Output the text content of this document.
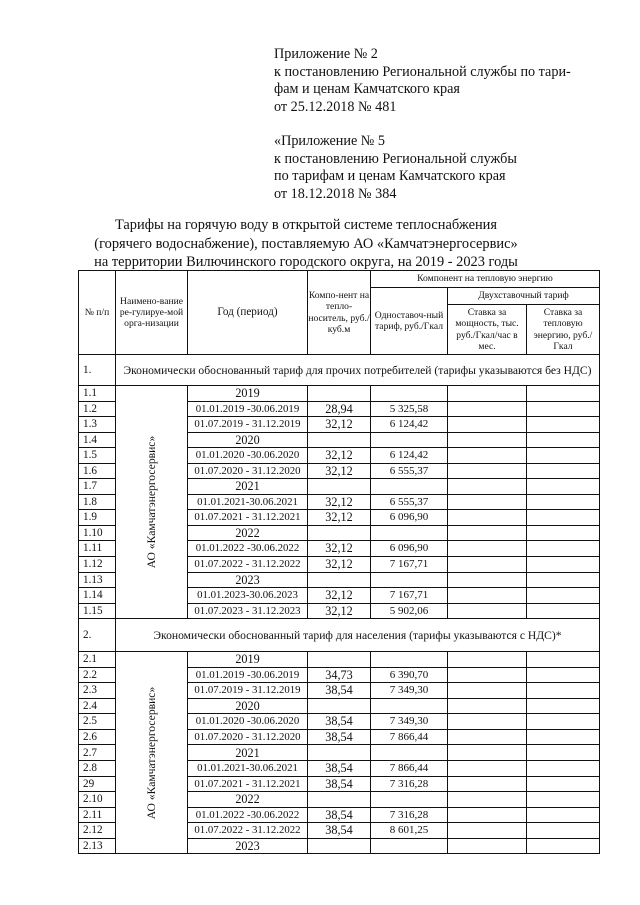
Приложение № 2
к постановлению Региональной службы по тари-
фам и ценам Камчатского края
от 25.12.2018 № 481
«Приложение № 5
к постановлению Региональной службы
по тарифам и ценам Камчатского края
от 18.12.2018 № 384
Тарифы на горячую воду в открытой системе теплоснабжения (горячего водоснабжение), поставляемую АО «Камчатэнергосервис» на территории Вилючинского городского округа, на 2019 - 2023 годы
№ п/п	Наимено-вание ре-гулируе-мой орга-низации	Год (период)	Компо-нент на тепло-носитель, руб./куб.м	Компонент на тепловую энергию		
				Одноставоч-ный тариф, руб./Гкал	Двухставочный тариф	
					Ставка за мощность, тыс. руб./Гкал/час в мес.	Ставка за тепловую энергию, руб./Гкал
1.	Экономически обоснованный тариф для прочих потребителей (тарифы указываются без НДС)					
1.1	АО «Камчатэнергосервис»	2019				
1.2		01.01.2019 -30.06.2019	28,94	5 325,58		
1.3		01.07.2019 - 31.12.2019	32,12	6 124,42		
1.4		2020				
1.5		01.01.2020 -30.06.2020	32,12	6 124,42		
1.6		01.07.2020 - 31.12.2020	32,12	6 555,37		
1.7		2021				
1.8		01.01.2021-30.06.2021	32,12	6 555,37		
1.9		01.07.2021 - 31.12.2021	32,12	6 096,90		
1.10		2022				
1.11		01.01.2022 -30.06.2022	32,12	6 096,90		
1.12		01.07.2022 - 31.12.2022	32,12	7 167,71		
1.13		2023				
1.14		01.01.2023-30.06.2023	32,12	7 167,71		
1.15		01.07.2023 - 31.12.2023	32,12	5 902,06		
2.	Экономически обоснованный тариф для населения (тарифы указываются с НДС)*					
2.1	АО «Камчатэнергосервис»	2019				
2.2		01.01.2019 -30.06.2019	34,73	6 390,70		
2.3		01.07.2019 - 31.12.2019	38,54	7 349,30		
2.4		2020				
2.5		01.01.2020 -30.06.2020	38,54	7 349,30		
2.6		01.07.2020 - 31.12.2020	38,54	7 866,44		
2.7		2021				
2.8		01.01.2021-30.06.2021	38,54	7 866,44		
29		01.07.2021 - 31.12.2021	38,54	7 316,28		
2.10		2022				
2.11		01.01.2022 -30.06.2022	38,54	7 316,28		
2.12		01.07.2022 - 31.12.2022	38,54	8 601,25		
2.13		2023				
